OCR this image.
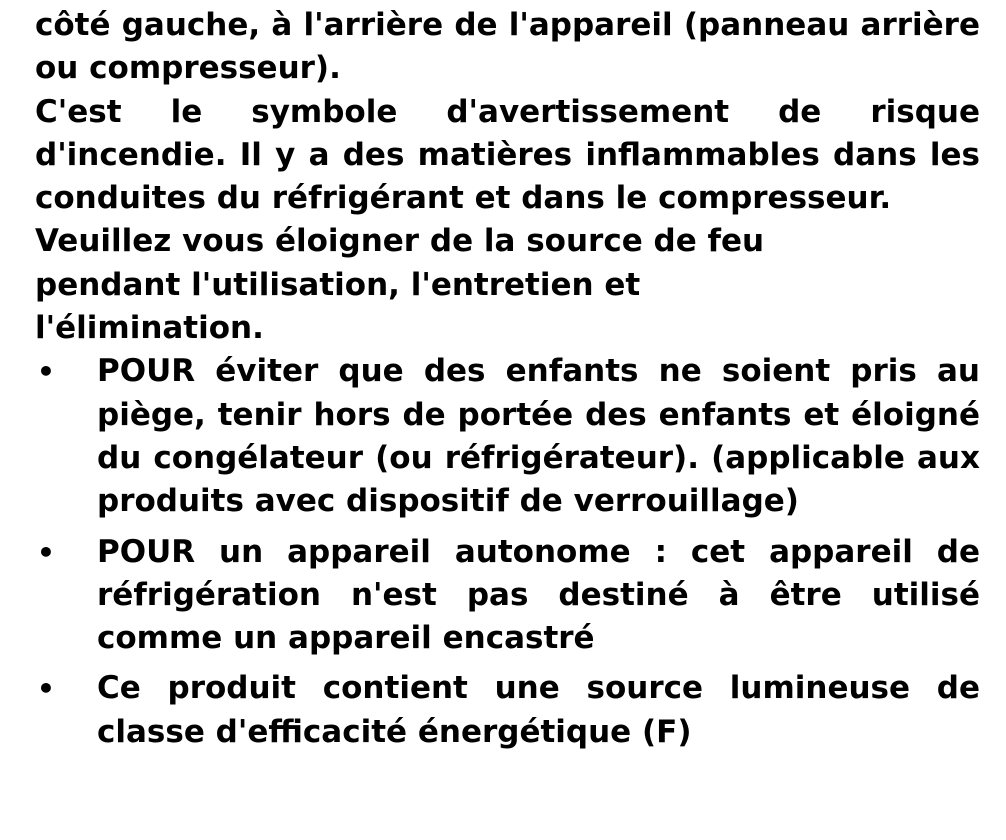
côté gauche, à l'arrière de l'appareil (panneau arrière ou compresseur).

C'est le symbole d'avertissement de risque d'incendie. Il y a des matières inflammables dans les conduites du réfrigérant et dans le compresseur.

Veuillez vous éloigner de la source de feu pendant l'utilisation, l'entretien et l'élimination.

• POUR éviter que des enfants ne soient pris au piège, tenir hors de portée des enfants et éloigné du congélateur (ou réfrigérateur). (applicable aux produits avec dispositif de verrouillage)
• POUR un appareil autonome : cet appareil de réfrigération n'est pas destiné à être utilisé comme un appareil encastré
• Ce produit contient une source lumineuse de classe d'efficacité énergétique (F)
